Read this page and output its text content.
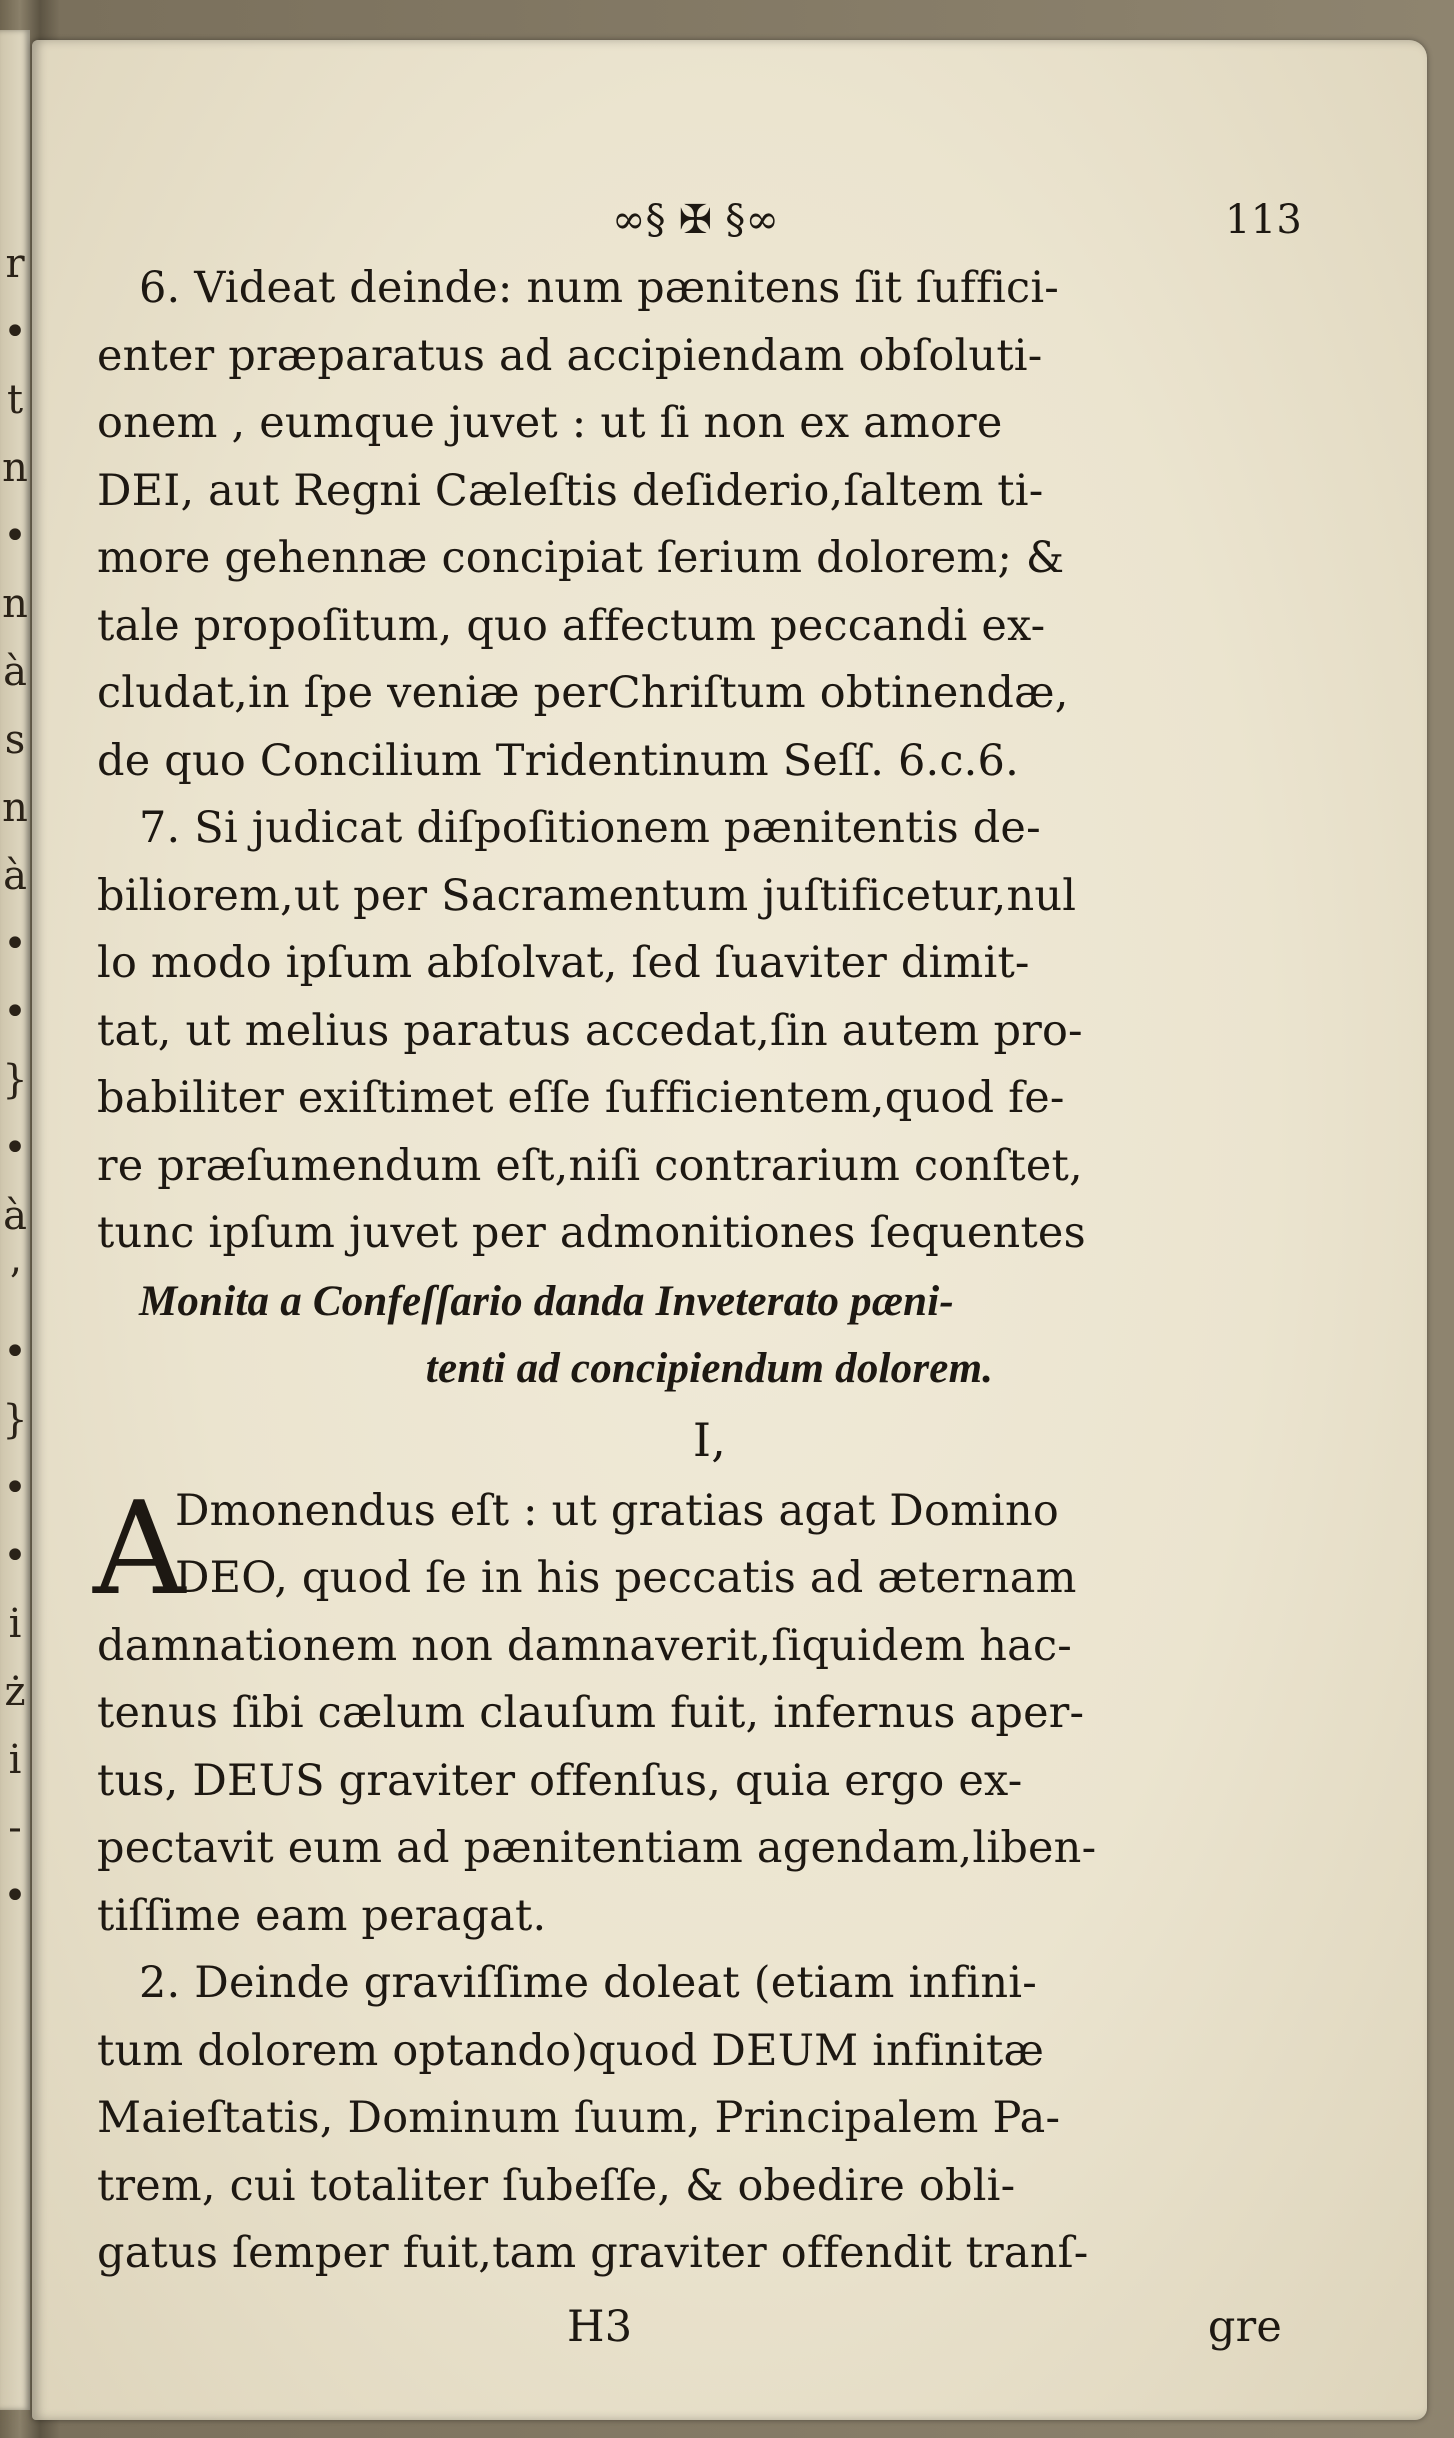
r
•
t
n
•
n
à
s
n
à
•
•
}
•
à
’
•
}
•
•
i
ż
i
-
•
∞§ ✠ §∞	113
6. Videat deinde: num pænitens ſit ſuffici-
enter præparatus ad accipiendam obſoluti-
onem , eumque juvet : ut ſi non ex amore
DEI, aut Regni Cæleſtis deſiderio,ſaltem ti-
more gehennæ concipiat ſerium dolorem; &
tale propoſitum, quo affectum peccandi ex-
cludat,in ſpe veniæ perChriſtum obtinendæ,
de quo Concilium Tridentinum Seſſ. 6.c.6.
7. Si judicat diſpoſitionem pænitentis de-
biliorem,ut per Sacramentum juſtificetur,nul
lo modo ipſum abſolvat, ſed ſuaviter dimit-
tat, ut melius paratus accedat,ſin autem pro-
babiliter exiſtimet eſſe ſufficientem,quod fe-
re præſumendum eſt,niſi contrarium conſtet,
tunc ipſum juvet per admonitiones ſequentes
Monita a Confeſſario danda Inveterato pæni-
tenti ad concipiendum dolorem.
I,
A
Dmonendus eſt : ut gratias agat Domino
DEO, quod ſe in his peccatis ad æternam
damnationem non damnaverit,ſiquidem hac-
tenus ſibi cælum clauſum fuit, infernus aper-
tus, DEUS graviter offenſus, quia ergo ex-
pectavit eum ad pænitentiam agendam,liben-
tiſſime eam peragat.
2. Deinde graviſſime doleat (etiam infini-
tum dolorem optando)quod DEUM infinitæ
Maieſtatis, Dominum ſuum, Principalem Pa-
trem, cui totaliter ſubeſſe, & obedire obli-
gatus ſemper fuit,tam graviter offendit tranſ-
H3	gre
